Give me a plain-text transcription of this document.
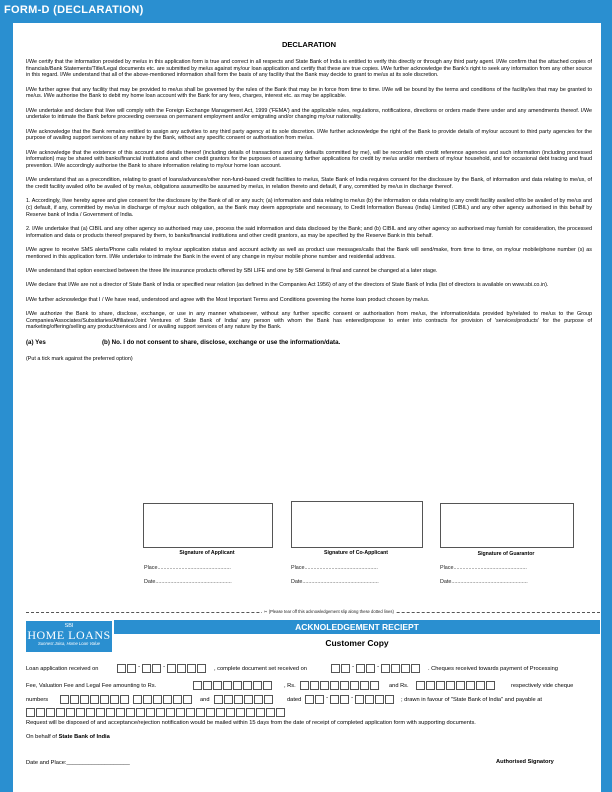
FORM-D (DECLARATION)
DECLARATION

I/We certify that the information provided by me/us in this application form is true and correct in all respects and State Bank of India is entitled to verify this directly or through any third party agent. I/We confirm that the attached copies of financials/Bank Statements/Title/Legal documents etc. are submitted by me/us against my/our loan application and certify that these are true copies. I/We further acknowledge the Bank's right to seek any information from any other source in this regard. I/We understand that all of the above-mentioned information shall form the basis of any facility that the Bank may decide to grant to me/us at its sole discretion.

I/We further agree that any facility that may be provided to me/us shall be governed by the rules of the Bank that may be in force from time to time. I/We will be bound by the terms and conditions of the facility/ies that may be granted to me/us. I/We authorise the Bank to debit my home loan account with the Bank for any fees, charges, interest etc. as may be applicable.

I/We undertake and declare that I/we will comply with the Foreign Exchange Management Act, 1999 ('FEMA') and the applicable rules, regulations, notifications, directions or orders made there under and any amendments thereof. I/We undertake to intimate the Bank before proceeding overseas on permanent employment and/or emigrating and/or changing my/our nationality.

I/We acknowledge that the Bank remains entitled to assign any activities to any third party agency at its sole discretion. I/We further acknowledge the right of the Bank to provide details of my/our account to third party agencies for the purpose of availing support services of any nature by the Bank, without any specific consent or authorisation from me/us.

I/We acknowledge that the existence of this account and details thereof (including details of transactions and any defaults committed by me), will be recorded with credit reference agencies and such information (including processed information) may be shared with banks/financial institutions and other credit grantors for the purposes of assessing further applications for credit by me/us and/or members of my/our household, and for occasional debt tracing and fraud prevention. I/We accordingly authorise the Bank to share information relating to my/our home loan account.

I/We understand that as a precondition, relating to grant of loans/advances/other non-fund-based credit facilities to me/us, State Bank of India requires consent for the disclosure by the Bank, of information and data relating to me/us, of the credit facility availed of/to be availed of by me/us, obligations assumed/to be assumed by me/us, in relation thereto and default, if any, committed by me/us in discharge thereof.

1. Accordingly, I/we hereby agree and give consent for the disclosure by the Bank of all or any such; (a) information and data relating to me/us (b) the information or data relating to any credit facility availed of/to be availed of by me/us and (c) default, if any, committed by me/us in discharge of my/our such obligation, as the Bank may deem appropriate and necessary, to Credit Information Bureau (India) Limited (CIBIL) and any other agency authorised in this behalf by Reserve bank of India / Government of India.

2. I/We undertake that (a) CIBIL and any other agency so authorised may use, process the said information and data disclosed by the Bank; and (b) CIBIL and any other agency so authorised may furnish for consideration, the processed information and data or products thereof prepared by them, to banks/financial institutions and other credit grantors, as may be specified by the Reserve Bank in this behalf.

I/We agree to receive SMS alerts/Phone calls related to my/our application status and account activity as well as product use messages/calls that the Bank will send/make, from time to time, on my/our mobile/phone number (s) as mentioned in this application form. I/We undertake to intimate the Bank in the event of any change in my/our mobile phone number and residential address.

I/We understand that option exercised between the three life insurance products offered by SBI LIFE and one by SBI General is final and cannot be changed at a later stage.

I/We declare that I/We are not a director of State Bank of India or specified near relation (as defined in the Companies Act 1956) of any of the directors of State Bank of India (list of directors is available on www.sbi.co.in).

I/We further acknowledge that I / We have read, understood and agree with the Most Important Terms and Conditions governing the home loan product chosen by me/us.

I/We authorize the Bank to share, disclose, exchange, or use in any manner whatsoever, without any further specific consent or authorisation from me/us, the information/data provided by/related to me/us to the Group Companies/Associates/Subsidiaries/Affiliates/Joint Ventures of State Bank of India/ any person with whom the Bank has entered/propose to enter into contracts for provision of 'services/products' for the purpose of marketing/offering/selling any product/services and / or availing support services of any nature by the Bank.

(a) Yes	(b) No. I do not consent to share, disclose, exchange or use the information/data.
(Put a tick mark against the preferred option)
Signature of Applicant	Signature of Co-Applicant	Signature of Guarantor
Place.................................................	Place.................................................	Place.................................................
Date...................................................	Date...................................................	Date...................................................
✂ (Please tear off this acknowledgement slip along these dotted lines)
SBI
HOME LOANS
Sunnest Jaisa, Home Loan Value
ACKNOLEDGEMENT RECIEPT
Customer Copy
Loan application received on	-	-	, complete document set received on	-	-	. Cheques received towards payment of Processing
Fee, Valuation Fee and Legal Fee amounting to Rs.	, Rs.	and Rs.	respectively vide cheque
numbers	and	dated	-	-	; drawn in favour of "State Bank of India" and payable at
Request will be disposed of and acceptance/rejection notification would be mailed within 15 days from the date of receipt of completed application form with supporting documents.
On behalf of State Bank of India
Date and Place:____________________	Authorised Signatory
